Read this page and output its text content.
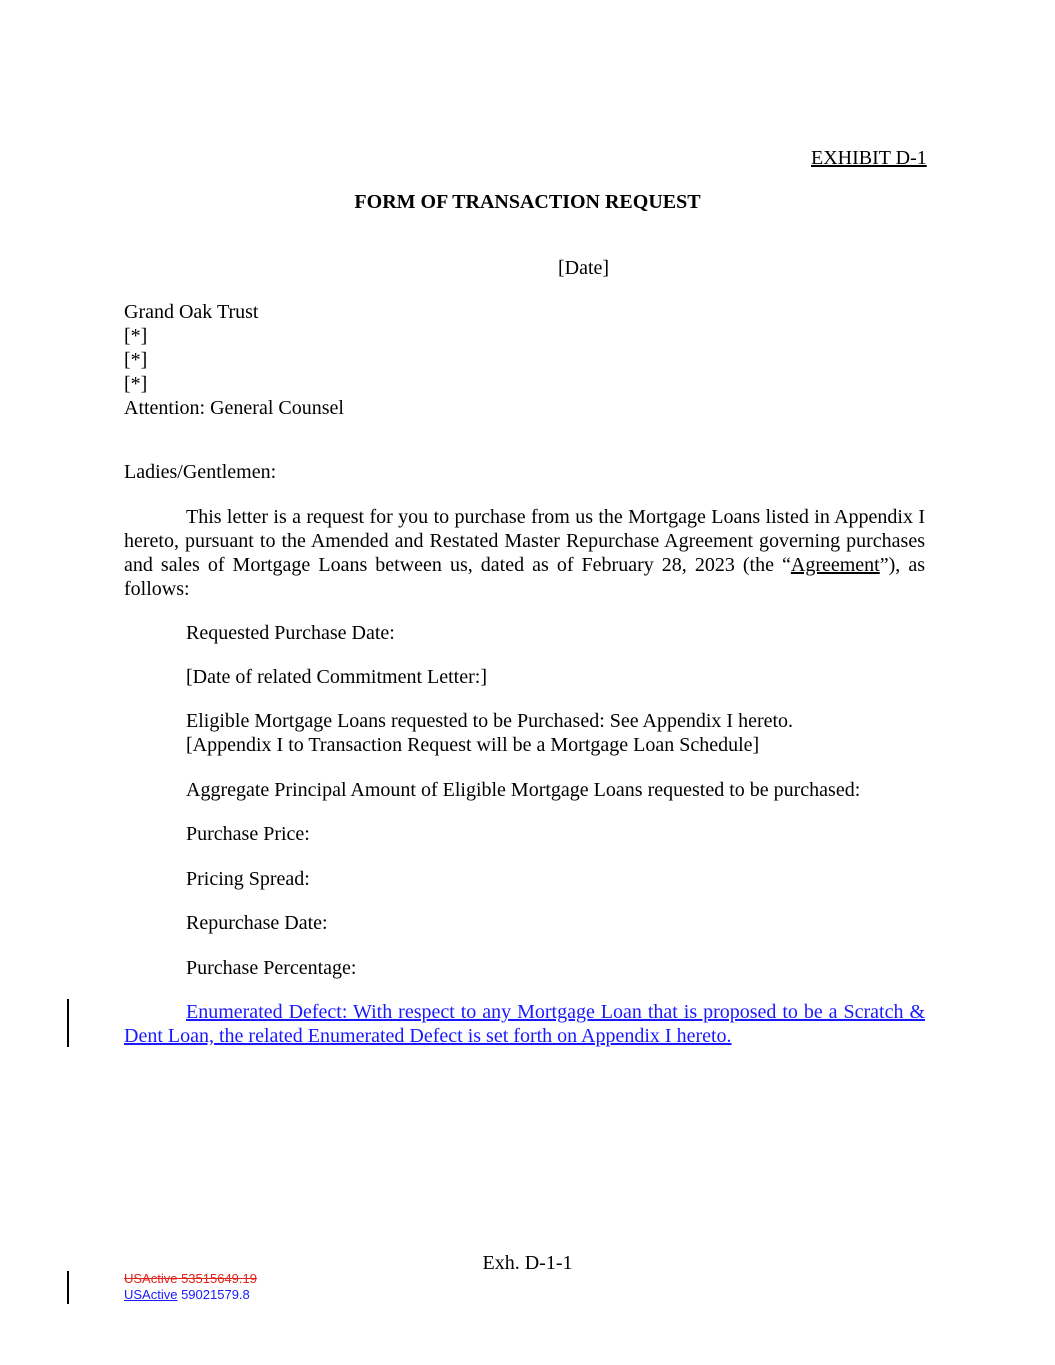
EXHIBIT D-1
FORM OF TRANSACTION REQUEST
[Date]
Grand Oak Trust
[*]
[*]
[*]
Attention: General Counsel
Ladies/Gentlemen:
This letter is a request for you to purchase from us the Mortgage Loans listed in Appendix I hereto, pursuant to the Amended and Restated Master Repurchase Agreement governing purchases and sales of Mortgage Loans between us, dated as of February 28, 2023 (the “Agreement”), as follows:
Requested Purchase Date:
[Date of related Commitment Letter:]
Eligible Mortgage Loans requested to be Purchased: See Appendix I hereto.
[Appendix I to Transaction Request will be a Mortgage Loan Schedule]
Aggregate Principal Amount of Eligible Mortgage Loans requested to be purchased:
Purchase Price:
Pricing Spread:
Repurchase Date:
Purchase Percentage:
Enumerated Defect: With respect to any Mortgage Loan that is proposed to be a Scratch & Dent Loan, the related Enumerated Defect is set forth on Appendix I hereto.
Exh. D-1-1
USActive 53515649.19
USActive 59021579.8
